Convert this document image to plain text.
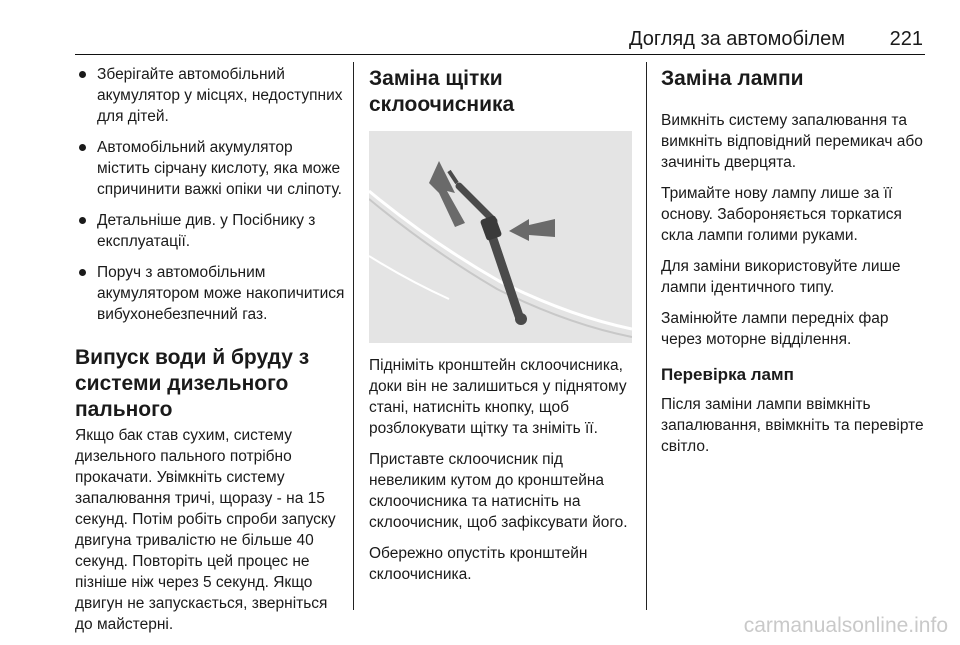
Догляд за автомобілем 221
Зберігайте автомобільний акумулятор у місцях, недоступних для дітей.
Автомобільний акумулятор містить сірчану кислоту, яка може спричинити важкі опіки чи сліпоту.
Детальніше див. у Посібнику з експлуатації.
Поруч з автомобільним акумулятором може накопичитися вибухонебезпечний газ.
Випуск води й бруду з системи дизельного пального

Якщо бак став сухим, систему дизельного пального потрібно прокачати. Увімкніть систему запалювання тричі, щоразу - на 15 секунд. Потім робіть спроби запуску двигуна тривалістю не більше 40 секунд. Повторіть цей процес не пізніше ніж через 5 секунд. Якщо двигун не запускається, зверніться до майстерні.

Заміна щітки склоочисника

Підніміть кронштейн склоочисника, доки він не залишиться у піднятому стані, натисніть кнопку, щоб розблокувати щітку та зніміть її.

Приставте склоочисник під невеликим кутом до кронштейна склоочисника та натисніть на склоочисник, щоб зафіксувати його.

Обережно опустіть кронштейн склоочисника.

Заміна лампи

Вимкніть систему запалювання та вимкніть відповідний перемикач або зачиніть дверцята.

Тримайте нову лампу лише за її основу. Забороняється торкатися скла лампи голими руками.

Для заміни використовуйте лише лампи ідентичного типу.

Замінюйте лампи передніх фар через моторне відділення.

Перевірка ламп

Після заміни лампи ввімкніть запалювання, ввімкніть та перевірте світло.

carmanualsonline.info
